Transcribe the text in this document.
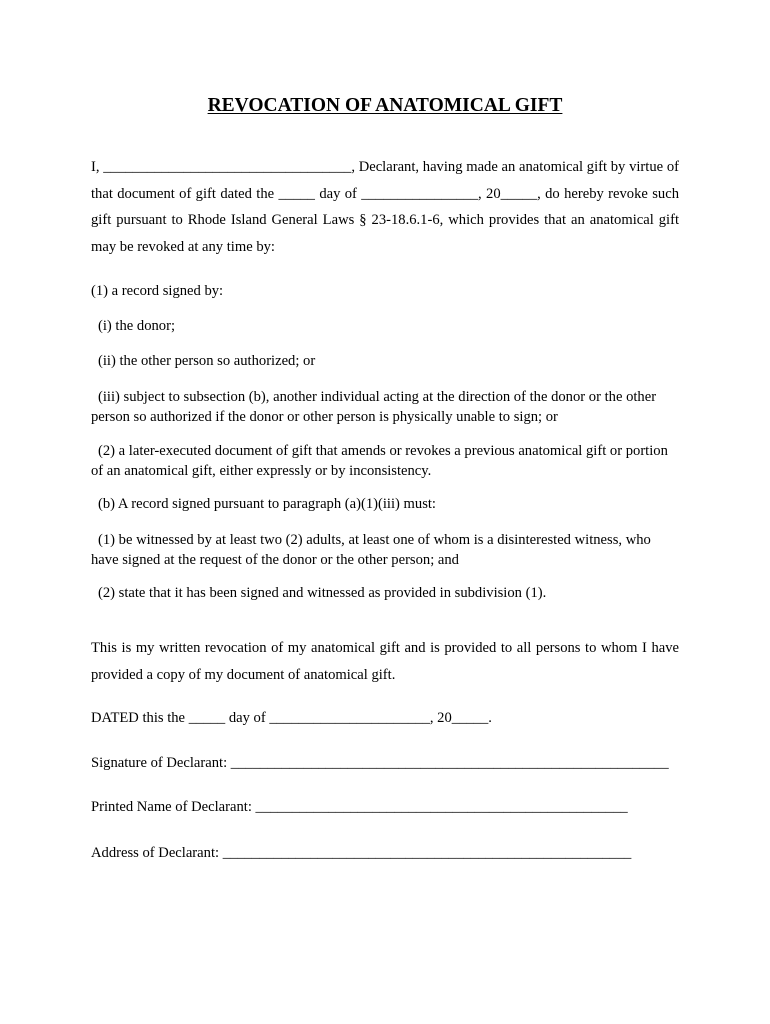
REVOCATION OF ANATOMICAL GIFT
I, __________________________________, Declarant, having made an anatomical gift by virtue of that document of gift dated the _____ day of ________________, 20_____, do hereby revoke such gift pursuant to Rhode Island General Laws § 23-18.6.1-6, which provides that an anatomical gift may be revoked at any time by:

(1) a record signed by:

(i) the donor;

(ii) the other person so authorized; or

(iii) subject to subsection (b), another individual acting at the direction of the donor or the other person so authorized if the donor or other person is physically unable to sign; or

(2) a later-executed document of gift that amends or revokes a previous anatomical gift or portion of an anatomical gift, either expressly or by inconsistency.

(b) A record signed pursuant to paragraph (a)(1)(iii) must:

(1) be witnessed by at least two (2) adults, at least one of whom is a disinterested witness, who have signed at the request of the donor or the other person; and

(2) state that it has been signed and witnessed as provided in subdivision (1).

This is my written revocation of my anatomical gift and is provided to all persons to whom I have provided a copy of my document of anatomical gift.

DATED this the _____ day of ______________________, 20_____.

Signature of Declarant: ____________________________________________________________

Printed Name of Declarant: ___________________________________________________

Address of Declarant: ________________________________________________________
